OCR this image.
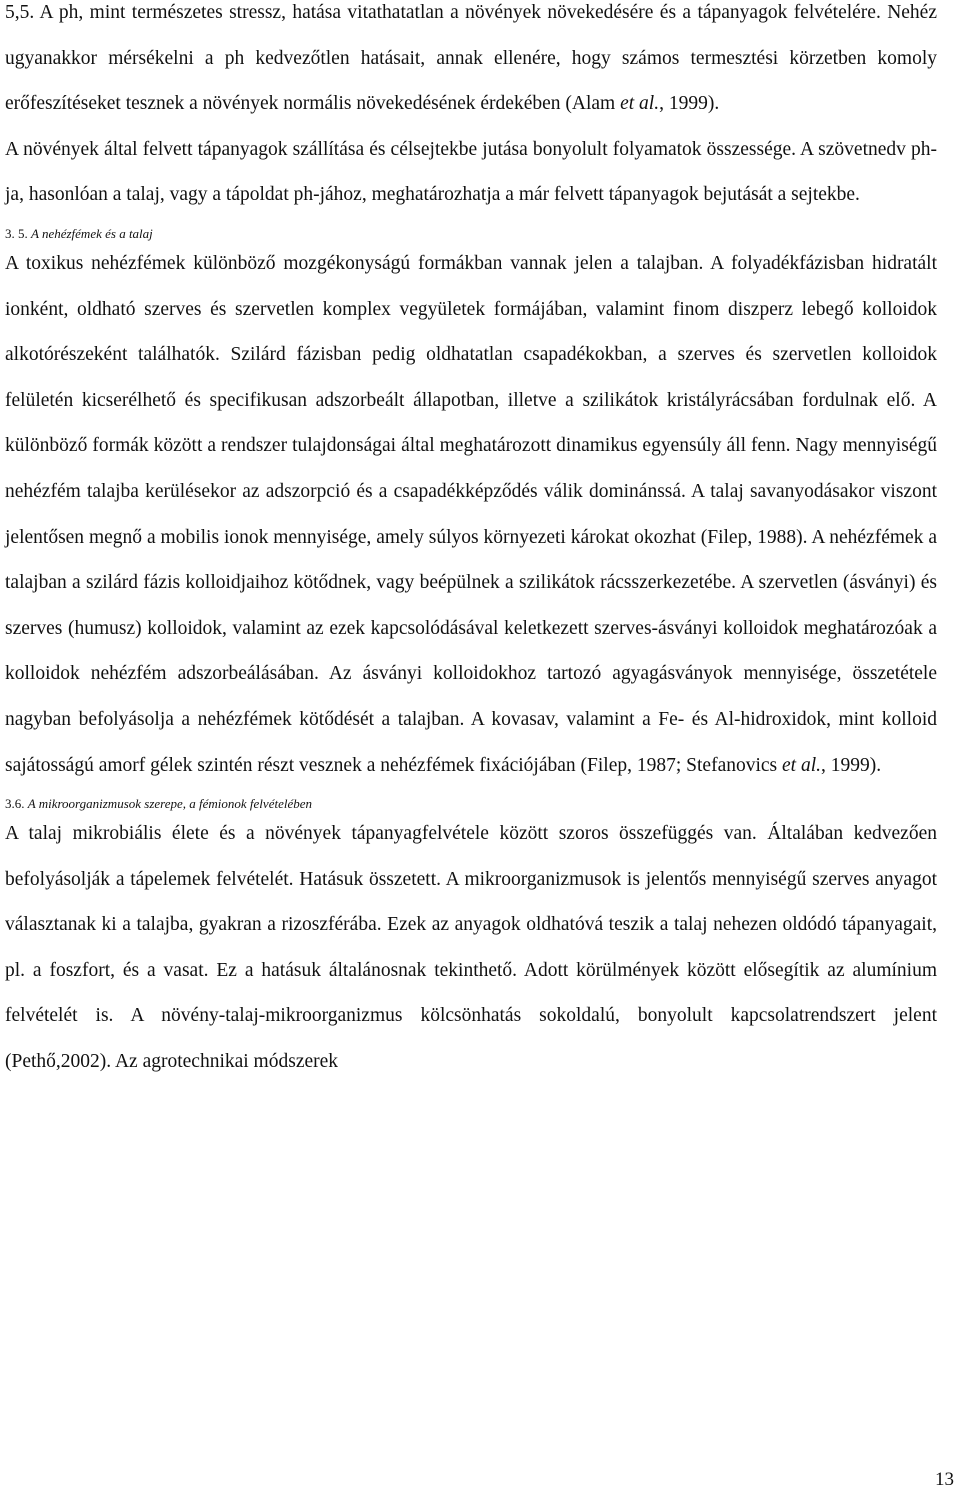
5,5. A ph, mint természetes stressz, hatása vitathatatlan a növények növekedésére és a tápanyagok felvételére. Nehéz ugyanakkor mérsékelni a ph kedvezőtlen hatásait, annak ellenére, hogy számos termesztési körzetben komoly erőfeszítéseket tesznek a növények normális növekedésének érdekében (Alam et al., 1999).

A növények által felvett tápanyagok szállítása és célsejtekbe jutása bonyolult folyamatok összessége. A szövetnedv ph-ja, hasonlóan a talaj, vagy a tápoldat ph-jához, meghatározhatja a már felvett tápanyagok bejutását a sejtekbe.

3. 5. A nehézfémek és a talaj

A toxikus nehézfémek különböző mozgékonyságú formákban vannak jelen a talajban. A folyadékfázisban hidratált ionként, oldható szerves és szervetlen komplex vegyületek formájában, valamint finom diszperz lebegő kolloidok alkotórészeként találhatók. Szilárd fázisban pedig oldhatatlan csapadékokban, a szerves és szervetlen kolloidok felületén kicserélhető és specifikusan adszorbeált állapotban, illetve a szilikátok kristályrácsában fordulnak elő. A különböző formák között a rendszer tulajdonságai által meghatározott dinamikus egyensúly áll fenn. Nagy mennyiségű nehézfém talajba kerülésekor az adszorpció és a csapadékképződés válik dominánssá. A talaj savanyodásakor viszont jelentősen megnő a mobilis ionok mennyisége, amely súlyos környezeti károkat okozhat (Filep, 1988). A nehézfémek a talajban a szilárd fázis kolloidjaihoz kötődnek, vagy beépülnek a szilikátok rácsszerkezetébe. A szervetlen (ásványi) és szerves (humusz) kolloidok, valamint az ezek kapcsolódásával keletkezett szerves-ásványi kolloidok meghatározóak a kolloidok nehézfém adszorbeálásában. Az ásványi kolloidokhoz tartozó agyagásványok mennyisége, összetétele nagyban befolyásolja a nehézfémek kötődését a talajban. A kovasav, valamint a Fe- és Al-hidroxidok, mint kolloid sajátosságú amorf gélek szintén részt vesznek a nehézfémek fixációjában (Filep, 1987; Stefanovics et al., 1999).

3.6. A mikroorganizmusok szerepe, a fémionok felvételében

A talaj mikrobiális élete és a növények tápanyagfelvétele között szoros összefüggés van. Általában kedvezően befolyásolják a tápelemek felvételét. Hatásuk összetett. A mikroorganizmusok is jelentős mennyiségű szerves anyagot választanak ki a talajba, gyakran a rizoszférába. Ezek az anyagok oldhatóvá teszik a talaj nehezen oldódó tápanyagait, pl. a foszfort, és a vasat. Ez a hatásuk általánosnak tekinthető. Adott körülmények között elősegítik az alumínium felvételét is. A növény-talaj-mikroorganizmus kölcsönhatás sokoldalú, bonyolult kapcsolatrendszert jelent (Pethő,2002). Az agrotechnikai módszerek

13
